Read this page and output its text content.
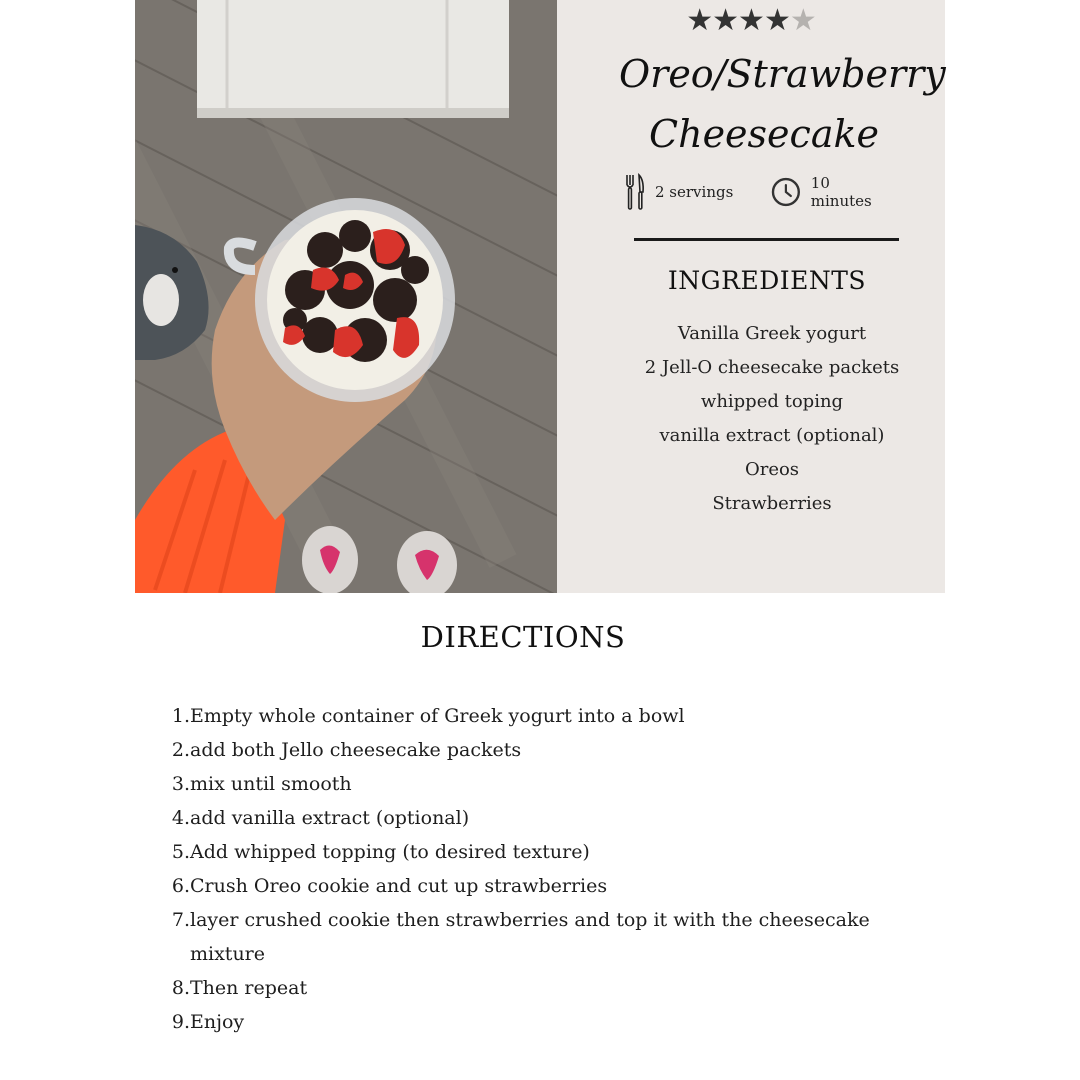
★★★★★
Oreo/Strawberry
Cheesecake
2 servings	10 minutes
INGREDIENTS
Vanilla Greek yogurt
2 Jell-O cheesecake packets
whipped toping
vanilla extract (optional)
Oreos
Strawberries
DIRECTIONS
1. Empty whole container of Greek yogurt into a bowl
2. add both Jello cheesecake packets
3. mix until smooth
4. add vanilla extract (optional)
5. Add whipped topping (to desired texture)
6. Crush Oreo cookie and cut up strawberries
7. layer crushed cookie then strawberries and top it with the cheesecake mixture
8. Then repeat
9. Enjoy
